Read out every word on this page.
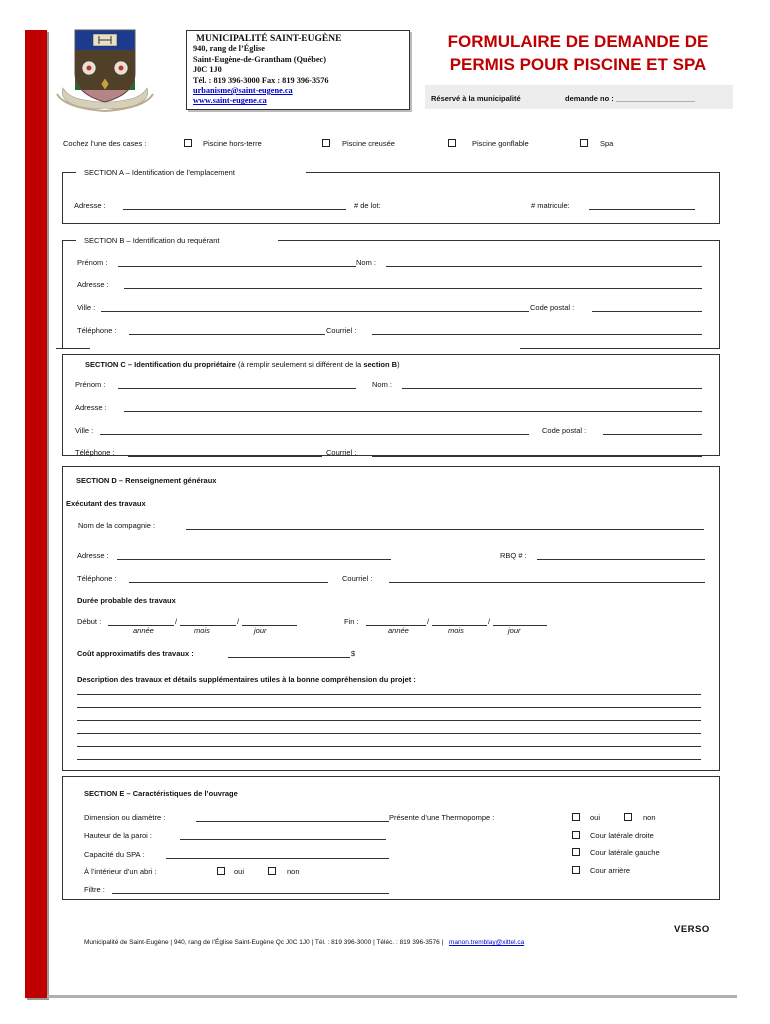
MUNICIPALITÉ SAINT-EUGÈNE
940, rang de l’Église
Saint-Eugène-de-Grantham (Québec)
J0C 1J0
Tél. : 819 396-3000 Fax : 819 396-3576
urbanisme@saint-eugene.ca
www.saint-eugene.ca
FORMULAIRE DE DEMANDE DE
PERMIS POUR PISCINE ET SPA
Réservé à la municipalité	demande no : ___________________
Cochez l’une des cases :	Piscine hors-terre	Piscine creusée	Piscine gonflable	Spa
SECTION A – Identification de l’emplacement
Adresse :	# de lot:	# matricule:
SECTION B – Identification du requérant
Prénom :	Nom :
Adresse :
Ville :	Code postal :
Téléphone :	Courriel :
SECTION C – Identification du propriétaire (à remplir seulement si différent de la section B)
Prénom :	Nom :
Adresse :
Ville :	Code postal :
Téléphone :	Courriel :
SECTION D – Renseignement généraux
Exécutant des travaux
Nom de la compagnie :
Adresse :	RBQ # :
Téléphone :	Courriel :
Durée probable des travaux
Début :	/	/
année	mois	jour
Fin :	/	/
année	mois	jour
Coût approximatifs des travaux :	$
Description des travaux et détails supplémentaires utiles à la bonne compréhension du projet :
SECTION E – Caractéristiques de l’ouvrage
Dimension ou diamètre :	Présente d’une Thermopompe :	oui	non
Hauteur de la paroi :	Cour latérale droite
Capacité du SPA :	Cour latérale gauche
À l’intérieur d’un abri :	oui	non	Cour arrière
Filtre :
VERSO
Municipalité de Saint-Eugène | 940, rang de l’Église Saint-Eugène Qc J0C 1J0 | Tél. : 819 396-3000 | Téléc. : 819 396-3576 | manon.tremblay@xittel.ca
